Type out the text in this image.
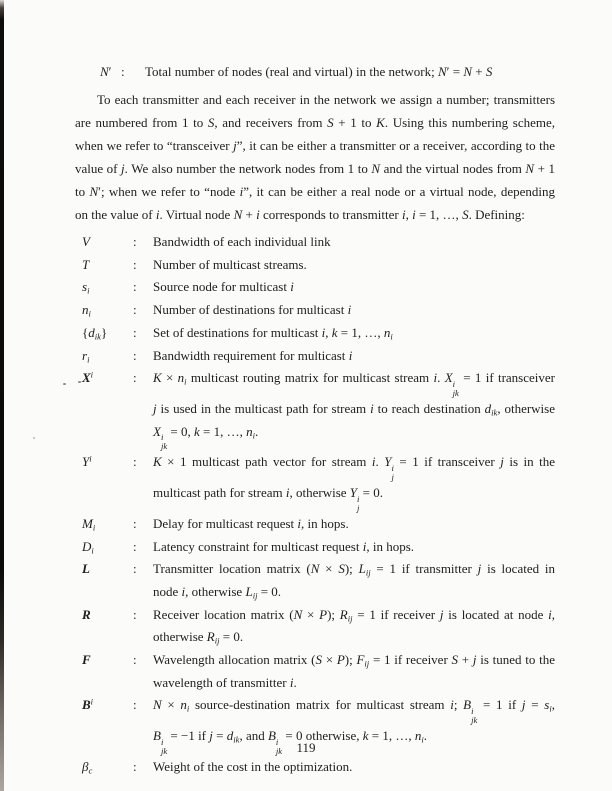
N′ :	Total number of nodes (real and virtual) in the network; N′ = N + S
To each transmitter and each receiver in the network we assign a number; transmitters
are numbered from 1 to S, and receivers from S + 1 to K. Using this numbering scheme,
when we refer to “transceiver j”, it can be either a transmitter or a receiver, according to the
value of j. We also number the network nodes from 1 to N and the virtual nodes from N + 1
to N′; when we refer to “node i”, it can be either a real node or a virtual node, depending
on the value of i. Virtual node N + i corresponds to transmitter i, i = 1, …, S. Defining:
V	:	Bandwidth of each individual link
T	:	Number of multicast streams.
$s_i$	:	Source node for multicast i
$n_i$	:	Number of destinations for multicast i
$\{d_{ik}\}$	:	Set of destinations for multicast i, k = 1, …, $n_i$
$r_i$	:	Bandwidth requirement for multicast i
$X^i$	:	$K \times n_i$ multicast routing matrix for multicast stream i. X i
jk
= 1 if transceiver
j is used in the multicast path for stream i to reach destination $d_{ik}$, otherwise
X i
jk
= 0, k = 1, …, $n_i$.
$Y^i$	:	K × 1 multicast path vector for stream i. Y i
j
= 1 if transceiver j is in the
multicast path for stream i, otherwise Y i
j
= 0.
$M_i$	:	Delay for multicast request i, in hops.
$D_i$	:	Latency constraint for multicast request i, in hops.
L	:	Transmitter location matrix (N × S); $L_{ij} = 1$ if transmitter j is located in
node i, otherwise $L_{ij} = 0$.
R	:	Receiver location matrix (N × P); $R_{ij} = 1$ if receiver j is located at node i,
otherwise $R_{ij} = 0$.
F	:	Wavelength allocation matrix (S × P); $F_{ij} = 1$ if receiver S + j is tuned to the
wavelength of transmitter i.
$B^i$	:	$N \times n_i$ source-destination matrix for multicast stream i; B i
jk
= 1 if $j = s_i$,
B i
jk
= −1 if $j = d_{ik}$, and B i
jk
= 0 otherwise, k = 1, …, $n_i$.
$\beta_c$	:	Weight of the cost in the optimization.
119
